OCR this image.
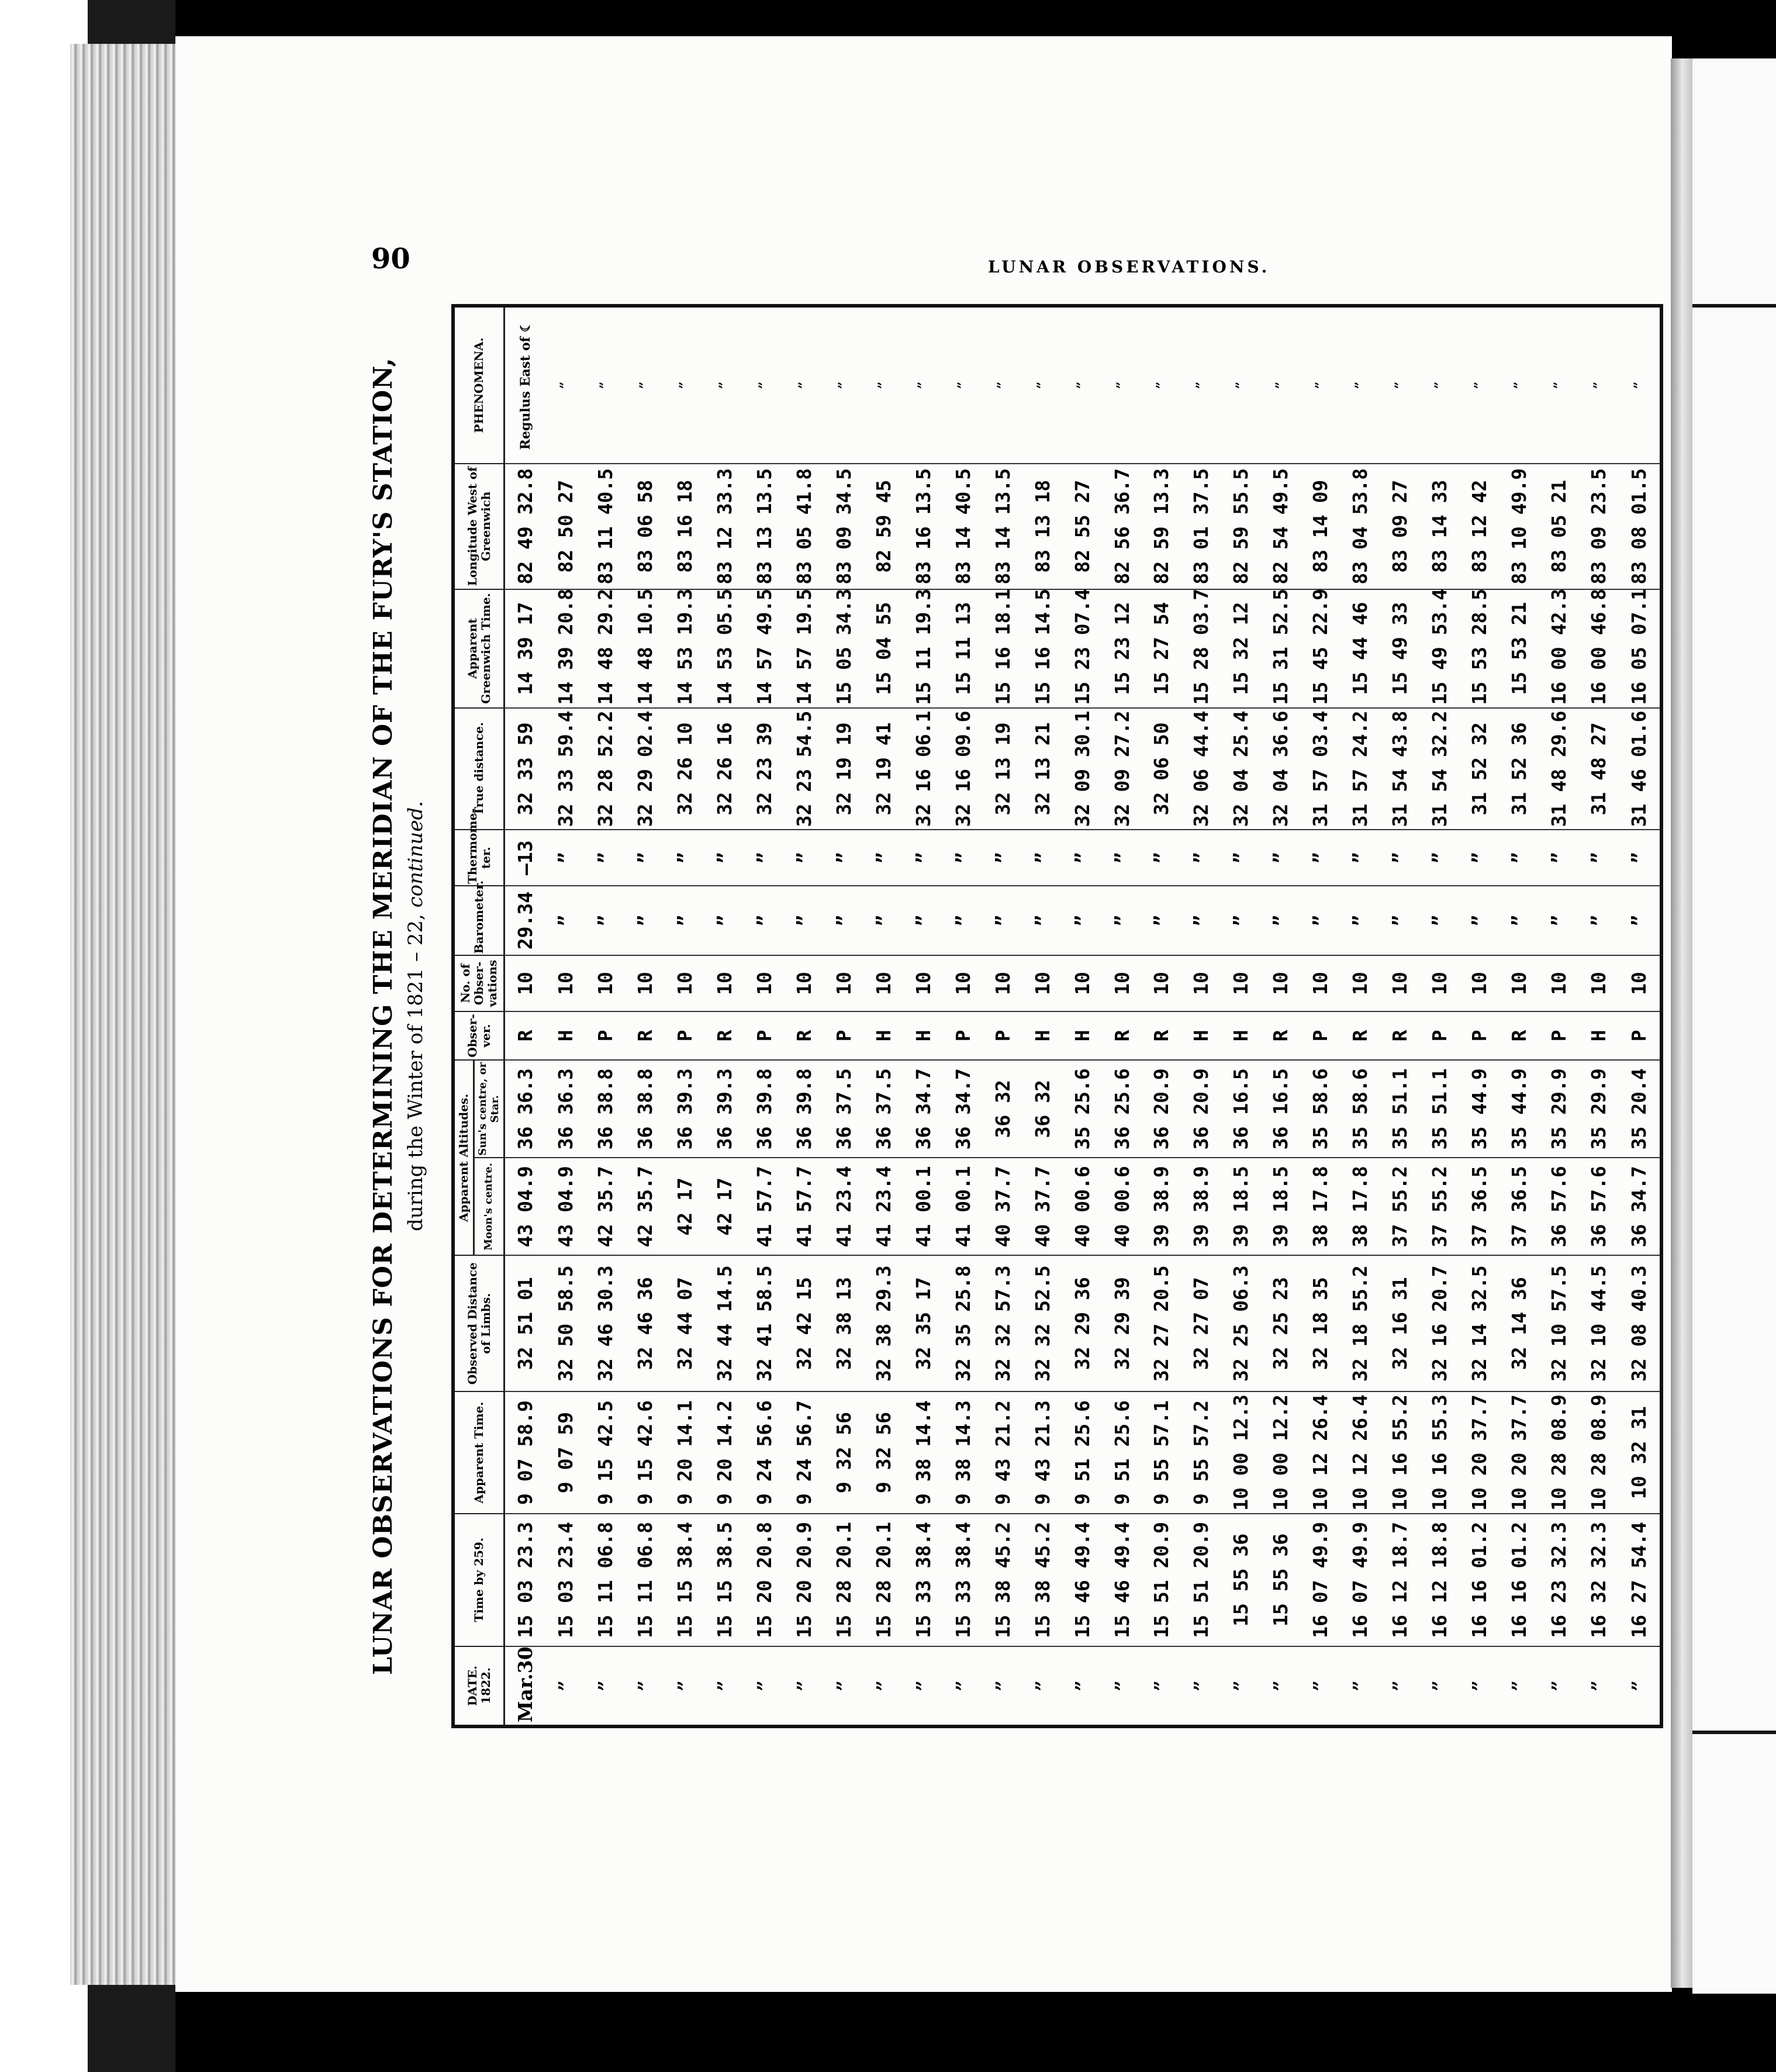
90	LUNAR OBSERVATIONS.
LUNAR OBSERVATIONS FOR DETERMINING THE MERIDIAN OF THE FURY'S STATION, during the Winter of 1821 – 22, continued.
DATE. 1822.	Time by 259.	Apparent Time.	Observed Distance of Limbs.	Apparent Altitudes.		Obser-ver.	No. of Obser-vations	Barometer.	Thermome-ter.	True distance.	Apparent Greenwich Time.	Longitude West of Greenwich	PHENOMENA.
				Moon's centre.	Sun's centre, or Star.								
Mar.30	15 03 23.3	9 07 58.9	32 51 01	43 04.9	36 36.3	R	10	29.34	—13	32 33 59	14 39 17	82 49 32.8	Regulus East of ☾
”	15 03 23.4	9 07 59	32 50 58.5	43 04.9	36 36.3	H	10	”	”	32 33 59.4	14 39 20.8	82 50 27	”
”	15 11 06.8	9 15 42.5	32 46 30.3	42 35.7	36 38.8	P	10	”	”	32 28 52.2	14 48 29.2	83 11 40.5	”
”	15 11 06.8	9 15 42.6	32 46 36	42 35.7	36 38.8	R	10	”	”	32 29 02.4	14 48 10.5	83 06 58	”
”	15 15 38.4	9 20 14.1	32 44 07	42 17	36 39.3	P	10	”	”	32 26 10	14 53 19.3	83 16 18	”
”	15 15 38.5	9 20 14.2	32 44 14.5	42 17	36 39.3	R	10	”	”	32 26 16	14 53 05.5	83 12 33.3	”
”	15 20 20.8	9 24 56.6	32 41 58.5	41 57.7	36 39.8	P	10	”	”	32 23 39	14 57 49.5	83 13 13.5	”
”	15 20 20.9	9 24 56.7	32 42 15	41 57.7	36 39.8	R	10	”	”	32 23 54.5	14 57 19.5	83 05 41.8	”
”	15 28 20.1	9 32 56	32 38 13	41 23.4	36 37.5	P	10	”	”	32 19 19	15 05 34.3	83 09 34.5	”
”	15 28 20.1	9 32 56	32 38 29.3	41 23.4	36 37.5	H	10	”	”	32 19 41	15 04 55	82 59 45	”
”	15 33 38.4	9 38 14.4	32 35 17	41 00.1	36 34.7	H	10	”	”	32 16 06.1	15 11 19.3	83 16 13.5	”
”	15 33 38.4	9 38 14.3	32 35 25.8	41 00.1	36 34.7	P	10	”	”	32 16 09.6	15 11 13	83 14 40.5	”
”	15 38 45.2	9 43 21.2	32 32 57.3	40 37.7	36 32	P	10	”	”	32 13 19	15 16 18.1	83 14 13.5	”
”	15 38 45.2	9 43 21.3	32 32 52.5	40 37.7	36 32	H	10	”	”	32 13 21	15 16 14.5	83 13 18	”
”	15 46 49.4	9 51 25.6	32 29 36	40 00.6	35 25.6	H	10	”	”	32 09 30.1	15 23 07.4	82 55 27	”
”	15 46 49.4	9 51 25.6	32 29 39	40 00.6	36 25.6	R	10	”	”	32 09 27.2	15 23 12	82 56 36.7	”
”	15 51 20.9	9 55 57.1	32 27 20.5	39 38.9	36 20.9	R	10	”	”	32 06 50	15 27 54	82 59 13.3	”
”	15 51 20.9	9 55 57.2	32 27 07	39 38.9	36 20.9	H	10	”	”	32 06 44.4	15 28 03.7	83 01 37.5	”
”	15 55 36	10 00 12.3	32 25 06.3	39 18.5	36 16.5	H	10	”	”	32 04 25.4	15 32 12	82 59 55.5	”
”	15 55 36	10 00 12.2	32 25 23	39 18.5	36 16.5	R	10	”	”	32 04 36.6	15 31 52.5	82 54 49.5	”
”	16 07 49.9	10 12 26.4	32 18 35	38 17.8	35 58.6	P	10	”	”	31 57 03.4	15 45 22.9	83 14 09	”
”	16 07 49.9	10 12 26.4	32 18 55.2	38 17.8	35 58.6	R	10	”	”	31 57 24.2	15 44 46	83 04 53.8	”
”	16 12 18.7	10 16 55.2	32 16 31	37 55.2	35 51.1	R	10	”	”	31 54 43.8	15 49 33	83 09 27	”
”	16 12 18.8	10 16 55.3	32 16 20.7	37 55.2	35 51.1	P	10	”	”	31 54 32.2	15 49 53.4	83 14 33	”
”	16 16 01.2	10 20 37.7	32 14 32.5	37 36.5	35 44.9	P	10	”	”	31 52 32	15 53 28.5	83 12 42	”
”	16 16 01.2	10 20 37.7	32 14 36	37 36.5	35 44.9	R	10	”	”	31 52 36	15 53 21	83 10 49.9	”
”	16 23 32.3	10 28 08.9	32 10 57.5	36 57.6	35 29.9	P	10	”	”	31 48 29.6	16 00 42.3	83 05 21	”
”	16 32 32.3	10 28 08.9	32 10 44.5	36 57.6	35 29.9	H	10	”	”	31 48 27	16 00 46.8	83 09 23.5	”
”	16 27 54.4	10 32 31	32 08 40.3	36 34.7	35 20.4	P	10	”	”	31 46 01.6	16 05 07.1	83 08 01.5	”
